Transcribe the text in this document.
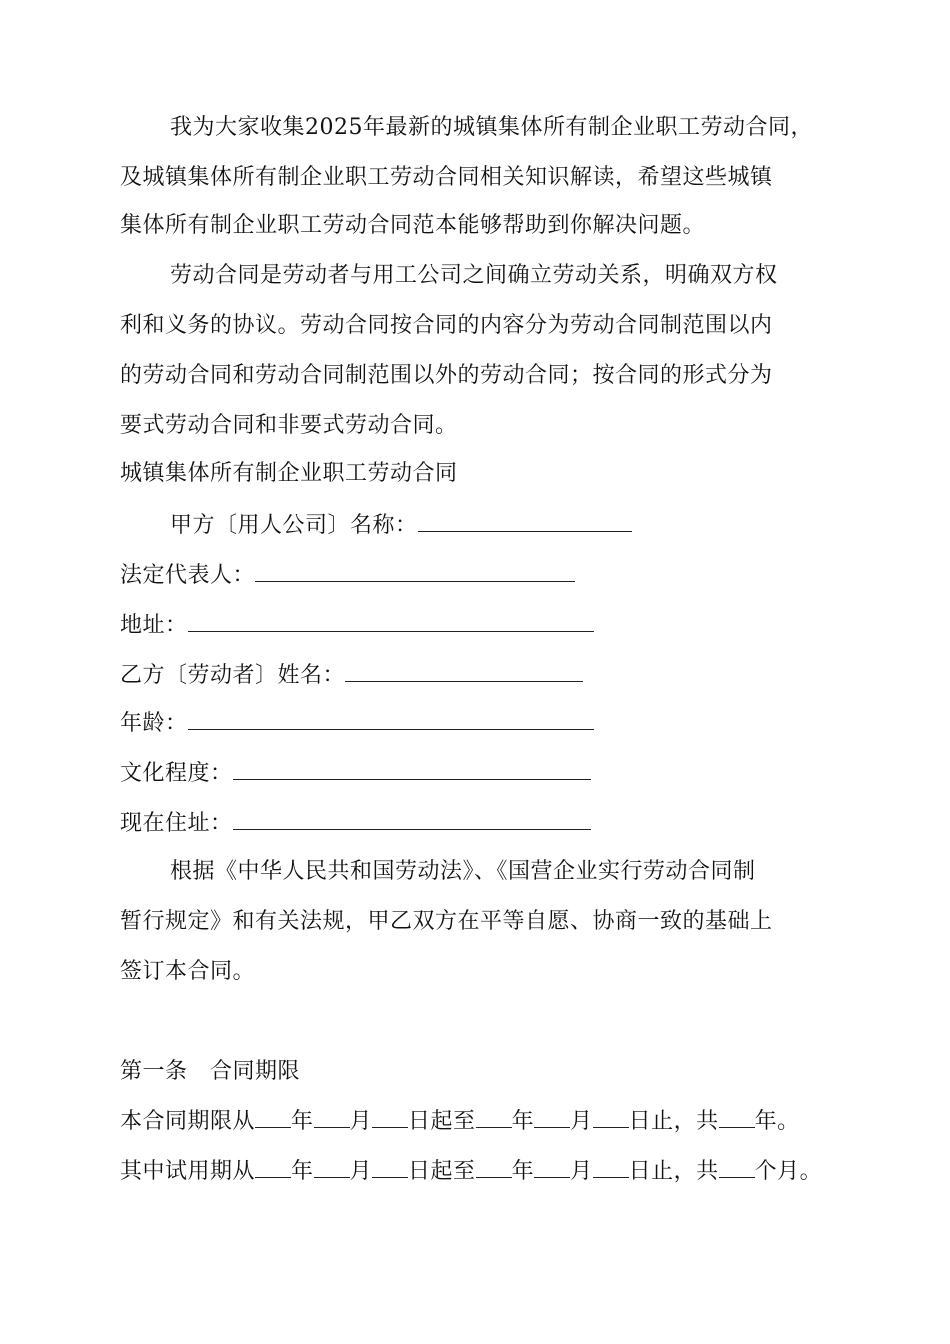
我为大家收集2025年最新的城镇集体所有制企业职工劳动合同，
及城镇集体所有制企业职工劳动合同相关知识解读，希望这些城镇
集体所有制企业职工劳动合同范本能够帮助到你解决问题。
劳动合同是劳动者与用工公司之间确立劳动关系，明确双方权
利和义务的协议。劳动合同按合同的内容分为劳动合同制范围以内
的劳动合同和劳动合同制范围以外的劳动合同；按合同的形式分为
要式劳动合同和非要式劳动合同。
城镇集体所有制企业职工劳动合同
甲方〔用人公司〕名称：
法定代表人：
地址：
乙方〔劳动者〕姓名：
年龄：
文化程度：
现在住址：
根据《中华人民共和国劳动法》、《国营企业实行劳动合同制
暂行规定》和有关法规，甲乙双方在平等自愿、协商一致的基础上
签订本合同。
第一条　合同期限
本合同期限从 年 月 日起至 年 月 日止，共 年。
其中试用期从 年 月 日起至 年 月 日止，共 个月。
